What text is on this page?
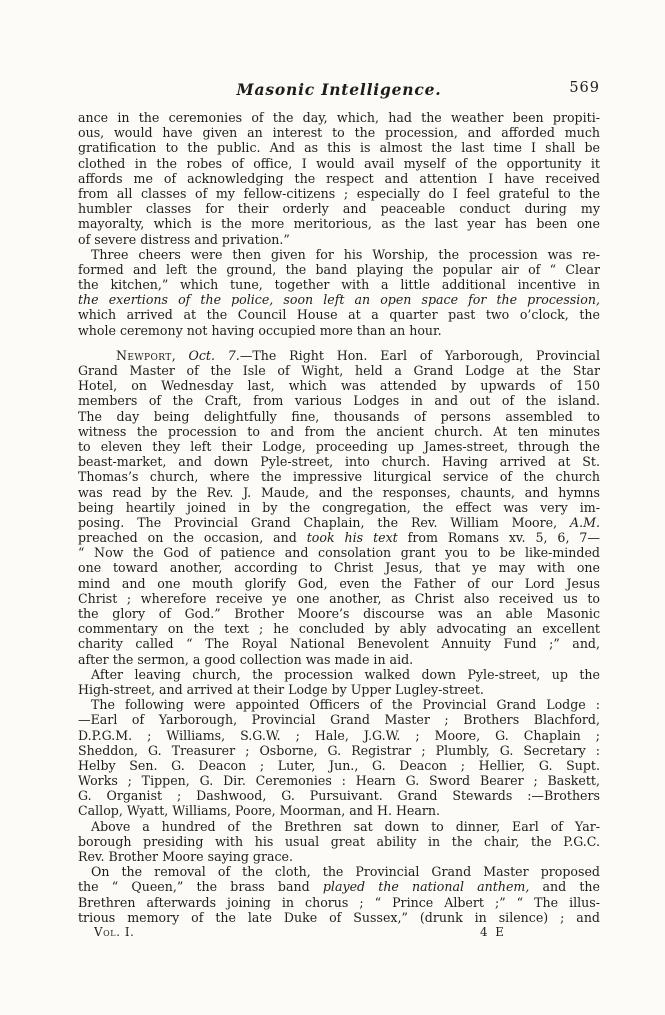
Masonic Intelligence.	569
ance in the ceremonies of the day, which, had the weather been propiti-
ous, would have given an interest to the procession, and afforded much
gratification to the public. And as this is almost the last time I shall be
clothed in the robes of office, I would avail myself of the opportunity it
affords me of acknowledging the respect and attention I have received
from all classes of my fellow-citizens ; especially do I feel grateful to the
humbler classes for their orderly and peaceable conduct during my
mayoralty, which is the more meritorious, as the last year has been one
of severe distress and privation.”
Three cheers were then given for his Worship, the procession was re-
formed and left the ground, the band playing the popular air of “ Clear
the kitchen,” which tune, together with a little additional incentive in
the exertions of the police, soon left an open space for the procession,
which arrived at the Council House at a quarter past two o’clock, the
whole ceremony not having occupied more than an hour.
Newport, Oct. 7.—The Right Hon. Earl of Yarborough, Provincial
Grand Master of the Isle of Wight, held a Grand Lodge at the Star
Hotel, on Wednesday last, which was attended by upwards of 150
members of the Craft, from various Lodges in and out of the island.
The day being delightfully fine, thousands of persons assembled to
witness the procession to and from the ancient church. At ten minutes
to eleven they left their Lodge, proceeding up James-street, through the
beast-market, and down Pyle-street, into church. Having arrived at St.
Thomas’s church, where the impressive liturgical service of the church
was read by the Rev. J. Maude, and the responses, chaunts, and hymns
being heartily joined in by the congregation, the effect was very im-
posing. The Provincial Grand Chaplain, the Rev. William Moore, A.M.
preached on the occasion, and took his text from Romans xv. 5, 6, 7—
“ Now the God of patience and consolation grant you to be like-minded
one toward another, according to Christ Jesus, that ye may with one
mind and one mouth glorify God, even the Father of our Lord Jesus
Christ ; wherefore receive ye one another, as Christ also received us to
the glory of God.” Brother Moore’s discourse was an able Masonic
commentary on the text ; he concluded by ably advocating an excellent
charity called “ The Royal National Benevolent Annuity Fund ;” and,
after the sermon, a good collection was made in aid.
After leaving church, the procession walked down Pyle-street, up the
High-street, and arrived at their Lodge by Upper Lugley-street.
The following were appointed Officers of the Provincial Grand Lodge :
—Earl of Yarborough, Provincial Grand Master ; Brothers Blachford,
D.P.G.M. ; Williams, S.G.W. ; Hale, J.G.W. ; Moore, G. Chaplain ;
Sheddon, G. Treasurer ; Osborne, G. Registrar ; Plumbly, G. Secretary :
Helby Sen. G. Deacon ; Luter, Jun., G. Deacon ; Hellier, G. Supt.
Works ; Tippen, G. Dir. Ceremonies : Hearn G. Sword Bearer ; Baskett,
G. Organist ; Dashwood, G. Pursuivant. Grand Stewards :—Brothers
Callop, Wyatt, Williams, Poore, Moorman, and H. Hearn.
Above a hundred of the Brethren sat down to dinner, Earl of Yar-
borough presiding with his usual great ability in the chair, the P.G.C.
Rev. Brother Moore saying grace.
On the removal of the cloth, the Provincial Grand Master proposed
the “ Queen,” the brass band played the national anthem, and the
Brethren afterwards joining in chorus ; “ Prince Albert ;” “ The illus-
trious memory of the late Duke of Sussex,” (drunk in silence) ; and
Vol. I.	4 E
